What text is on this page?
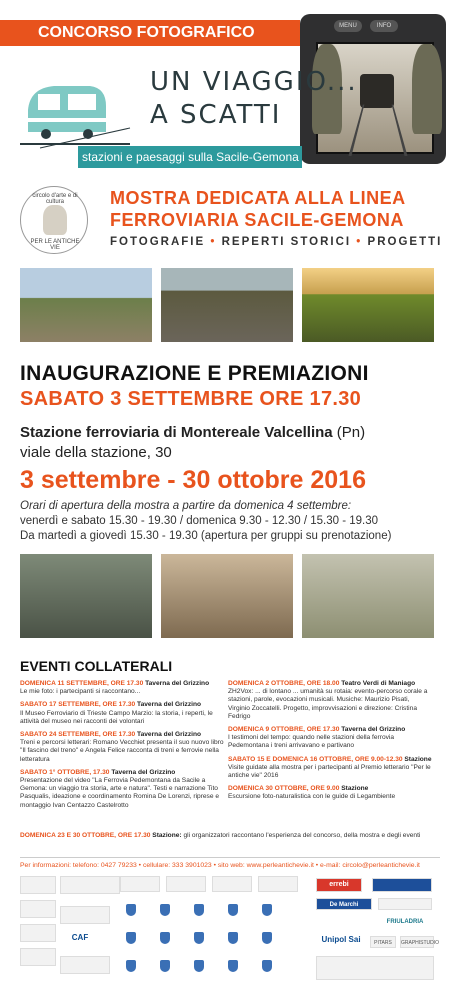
CONCORSO FOTOGRAFICO 2016
MENU	INFO
UN VIAGGIO...
A SCATTI
stazioni e paesaggi sulla Sacile-Gemona
circolo d'arte e di cultura
PER LE ANTICHE VIE
MOSTRA DEDICATA ALLA LINEA
FERROVIARIA SACILE-GEMONA
FOTOGRAFIE • REPERTI STORICI • PROGETTI
INAUGURAZIONE E PREMIAZIONI
SABATO 3 SETTEMBRE ORE 17.30
Stazione ferroviaria di Montereale Valcellina (Pn)
viale della stazione, 30
3 settembre - 30 ottobre 2016
Orari di apertura della mostra a partire da domenica 4 settembre:
venerdì e sabato 15.30 - 19.30 / domenica 9.30 - 12.30 / 15.30 - 19.30
Da martedì a giovedì 15.30 - 19.30 (apertura per gruppi su prenotazione)
EVENTI COLLATERALI
DOMENICA 11 SETTEMBRE, ORE 17.30 Taverna del Grizzino
Le mie foto: i partecipanti si raccontano...
SABATO 17 SETTEMBRE, ORE 17.30 Taverna del Grizzino
Il Museo Ferroviario di Trieste Campo Marzio: la storia, i reperti, le attività del museo nei racconti dei volontari
SABATO 24 SETTEMBRE, ORE 17.30 Taverna del Grizzino
Treni e percorsi letterari: Romano Vecchiet presenta il suo nuovo libro "Il fascino del treno" e Angela Felice racconta di treni e ferrovie nella letteratura
SABATO 1° OTTOBRE, 17.30 Taverna del Grizzino
Presentazione del video "La Ferrovia Pedemontana da Sacile a Gemona: un viaggio tra storia, arte e natura". Testi e narrazione Tito Pasqualis, ideazione e coordinamento Romina De Lorenzi, riprese e montaggio Ivan Centazzo Castelrotto
DOMENICA 2 OTTOBRE, ORE 18.00 Teatro Verdi di Maniago
ZH2Vox: ... di lontano ... umanità su rotaia: evento-percorso corale a stazioni, parole, evocazioni musicali. Musiche: Maurizio Pisati, Virginio Zoccatelli. Progetto, improvvisazioni e direzione: Cristina Fedrigo
DOMENICA 9 OTTOBRE, ORE 17.30 Taverna del Grizzino
I testimoni del tempo: quando nelle stazioni della ferrovia Pedemontana i treni arrivavano e partivano
SABATO 15 E DOMENICA 16 OTTOBRE, ORE 9.00-12.30 Stazione
Visite guidate alla mostra per i partecipanti al Premio letterario "Per le antiche vie" 2016
DOMENICA 30 OTTOBRE, ORE 9.00 Stazione
Escursione foto-naturalistica con le guide di Legambiente
DOMENICA 23 E 30 OTTOBRE, ORE 17.30 Stazione: gli organizzatori raccontano l'esperienza del concorso, della mostra e degli eventi
Per informazioni: telefono: 0427 79233 • cellulare: 333 3901023 • sito web: www.perleantichevie.it • e-mail: circolo@perleantichevie.it
CAF
errebi
De Marchi
FRIULADRIA
Unipol Sai	PITARS	GRAPHISTUDIO
